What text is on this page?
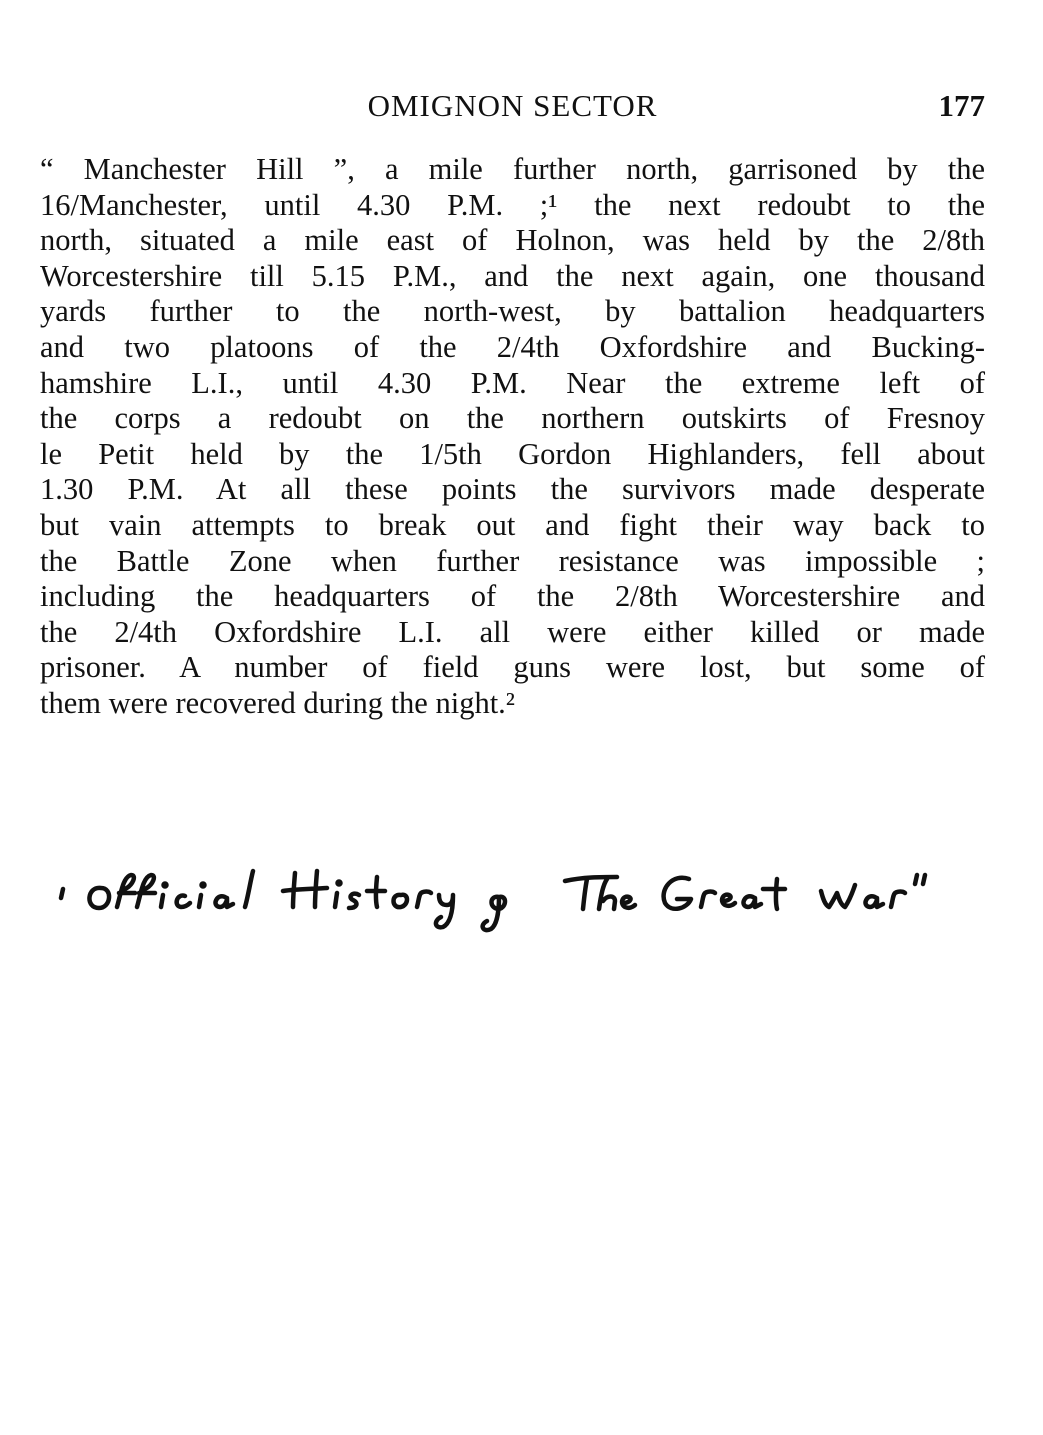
OMIGNON SECTOR	177
“ Manchester Hill ”, a mile further north, garrisoned by the
16/Manchester, until 4.30 P.M. ;¹ the next redoubt to the
north, situated a mile east of Holnon, was held by the 2/8th
Worcestershire till 5.15 P.M., and the next again, one thousand
yards further to the north-west, by battalion headquarters
and two platoons of the 2/4th Oxfordshire and Bucking-
hamshire L.I., until 4.30 P.M. Near the extreme left of
the corps a redoubt on the northern outskirts of Fresnoy
le Petit held by the 1/5th Gordon Highlanders, fell about
1.30 P.M. At all these points the survivors made desperate
but vain attempts to break out and fight their way back to
the Battle Zone when further resistance was impossible ;
including the headquarters of the 2/8th Worcestershire and
the 2/4th Oxfordshire L.I. all were either killed or made
prisoner. A number of field guns were lost, but some of
them were recovered during the night.²
